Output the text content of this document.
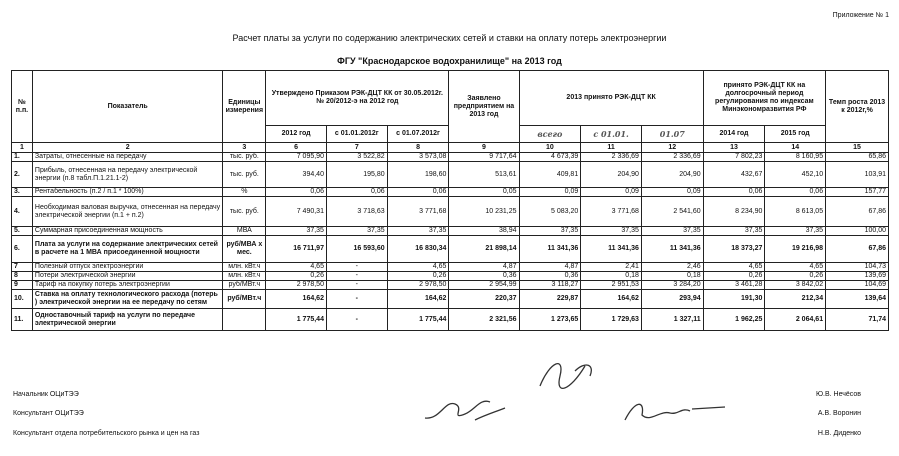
Приложение № 1
Расчет платы за услуги по содержанию электрических сетей и ставки на оплату потерь электроэнергии
ФГУ "Краснодарское водохранилище" на 2013 год
№ п.п.	Показатель	Единицы измерения	Утверждено Приказом РЭК-ДЦТ КК от 30.05.2012г. № 20/2012-э на 2012 год			Заявлено предприятием на 2013 год	2013 принято РЭК-ДЦТ КК			принято РЭК-ДЦТ КК на долгосрочный период регулирования по индексам Минэкономразвития РФ		Темп роста 2013 к 2012г,%
			2012 год	с 01.01.2012г	с 01.07.2012г		всего	с 01.01.	01.07	2014 год	2015 год	
1	2	3	6	7	8	9	10	11	12	13	14	15
1.	Затраты, отнесенные на передачу	тыс. руб.	7 095,90	3 522,82	3 573,08	9 717,64	4 673,39	2 336,69	2 336,69	7 802,23	8 160,95	65,86
2.	Прибыль, отнесенная на передачу электрической энергии (п.8 табл.П.1.21.1-2)	тыс. руб.	394,40	195,80	198,60	513,61	409,81	204,90	204,90	432,67	452,10	103,91
3.	Рентабельность (п.2 / п.1 * 100%)	%	0,06	0,06	0,06	0,05	0,09	0,09	0,09	0,06	0,06	157,77
4.	Необходимая валовая выручка, отнесенная на передачу электрической энергии (п.1 + п.2)	тыс. руб.	7 490,31	3 718,63	3 771,68	10 231,25	5 083,20	3 771,68	2 541,60	8 234,90	8 613,05	67,86
5.	Суммарная присоединенная мощность	МВА	37,35	37,35	37,35	38,94	37,35	37,35	37,35	37,35	37,35	100,00
6.	Плата за услуги на содержание электрических сетей в расчете на 1 МВА присоединенной мощности	руб/МВА х мес.	16 711,97	16 593,60	16 830,34	21 898,14	11 341,36	11 341,36	11 341,36	18 373,27	19 216,98	67,86
7	Полезный отпуск электроэнергии	млн. кВт.ч	4,65	-	4,65	4,87	4,87	2,41	2,46	4,65	4,65	104,73
8	Потери электрической энергии	млн. кВт.ч	0,26	-	0,26	0,36	0,36	0,18	0,18	0,26	0,26	139,69
9	Тариф на покупку потерь электроэнергии	руб/МВт.ч	2 978,50	-	2 978,50	2 954,99	3 118,27	2 951,53	3 284,20	3 461,28	3 842,02	104,69
10.	Ставка на оплату технологического расхода (потерь ) электрической энергии на ее передачу по сетям	руб/МВт.ч	164,62	-	164,62	220,37	229,87	164,62	293,94	191,30	212,34	139,64
11.	Одноставочный тариф на услуги по передаче электрической энергии		1 775,44	-	1 775,44	2 321,56	1 273,65	1 729,63	1 327,11	1 962,25	2 064,61	71,74
Начальник ОЦиТЭЭ	Ю.В. Нечёсов
Консультант ОЦиТЭЭ	А.В. Воронин
Консультант отдела потребительского рынка и цен на газ	Н.В. Диденко
